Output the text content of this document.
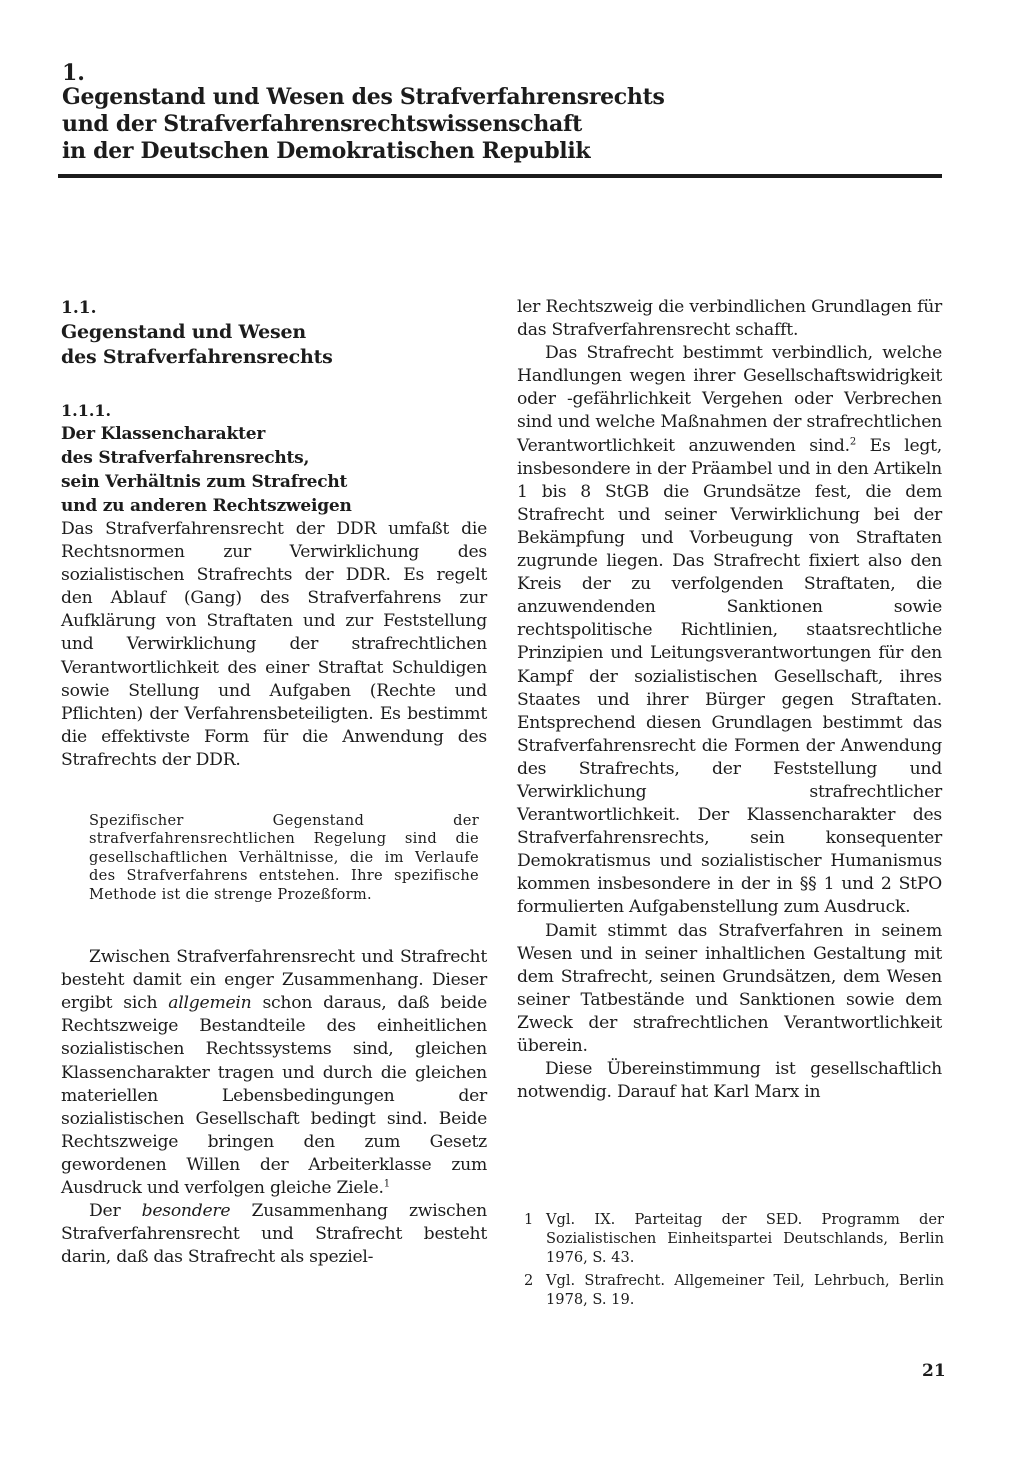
1.
Gegenstand und Wesen des Strafverfahrensrechts
und der Strafverfahrensrechtswissenschaft
in der Deutschen Demokratischen Republik
1.1.
Gegenstand und Wesen
des Strafverfahrensrechts
1.1.1.
Der Klassencharakter
des Strafverfahrensrechts,
sein Verhältnis zum Strafrecht
und zu anderen Rechtszweigen

Das Strafverfahrensrecht der DDR umfaßt die Rechtsnormen zur Verwirklichung des sozialistischen Strafrechts der DDR. Es regelt den Ablauf (Gang) des Strafverfahrens zur Aufklärung von Straftaten und zur Feststellung und Verwirklichung der strafrechtlichen Verantwortlichkeit des einer Straftat Schuldigen sowie Stellung und Aufgaben (Rechte und Pflichten) der Verfahrensbeteiligten. Es bestimmt die effektivste Form für die Anwendung des Strafrechts der DDR.

Spezifischer Gegenstand der strafverfahrensrechtlichen Regelung sind die gesellschaftlichen Verhältnisse, die im Verlaufe des Strafverfahrens entstehen. Ihre spezifische Methode ist die strenge Prozeßform.

Zwischen Strafverfahrensrecht und Strafrecht besteht damit ein enger Zusammenhang. Dieser ergibt sich allgemein schon daraus, daß beide Rechtszweige Bestandteile des einheitlichen sozialistischen Rechtssystems sind, gleichen Klassencharakter tragen und durch die gleichen materiellen Lebensbedingungen der sozialistischen Gesellschaft bedingt sind. Beide Rechtszweige bringen den zum Gesetz gewordenen Willen der Arbeiterklasse zum Ausdruck und verfolgen gleiche Ziele.$^1$

Der besondere Zusammenhang zwischen Strafverfahrensrecht und Strafrecht besteht darin, daß das Strafrecht als speziel-

ler Rechtszweig die verbindlichen Grundlagen für das Strafverfahrensrecht schafft.

Das Strafrecht bestimmt verbindlich, welche Handlungen wegen ihrer Gesellschaftswidrigkeit oder -gefährlichkeit Vergehen oder Verbrechen sind und welche Maßnahmen der strafrechtlichen Verantwortlichkeit anzuwenden sind.$^2$ Es legt, insbesondere in der Präambel und in den Artikeln 1 bis 8 StGB die Grundsätze fest, die dem Strafrecht und seiner Verwirklichung bei der Bekämpfung und Vorbeugung von Straftaten zugrunde liegen. Das Strafrecht fixiert also den Kreis der zu verfolgenden Straftaten, die anzuwendenden Sanktionen sowie rechtspolitische Richtlinien, staatsrechtliche Prinzipien und Leitungsverantwortungen für den Kampf der sozialistischen Gesellschaft, ihres Staates und ihrer Bürger gegen Straftaten. Entsprechend diesen Grundlagen bestimmt das Strafverfahrensrecht die Formen der Anwendung des Strafrechts, der Feststellung und Verwirklichung strafrechtlicher Verantwortlichkeit. Der Klassencharakter des Strafverfahrensrechts, sein konsequenter Demokratismus und sozialistischer Humanismus kommen insbesondere in der in §§ 1 und 2 StPO formulierten Aufgabenstellung zum Ausdruck.

Damit stimmt das Strafverfahren in seinem Wesen und in seiner inhaltlichen Gestaltung mit dem Strafrecht, seinen Grundsätzen, dem Wesen seiner Tatbestände und Sanktionen sowie dem Zweck der strafrechtlichen Verantwortlichkeit überein.

Diese Übereinstimmung ist gesellschaftlich notwendig. Darauf hat Karl Marx in

1 Vgl. IX. Parteitag der SED. Programm der Sozialistischen Einheitspartei Deutschlands, Berlin 1976, S. 43.
2 Vgl. Strafrecht. Allgemeiner Teil, Lehrbuch, Berlin 1978, S. 19.
21
